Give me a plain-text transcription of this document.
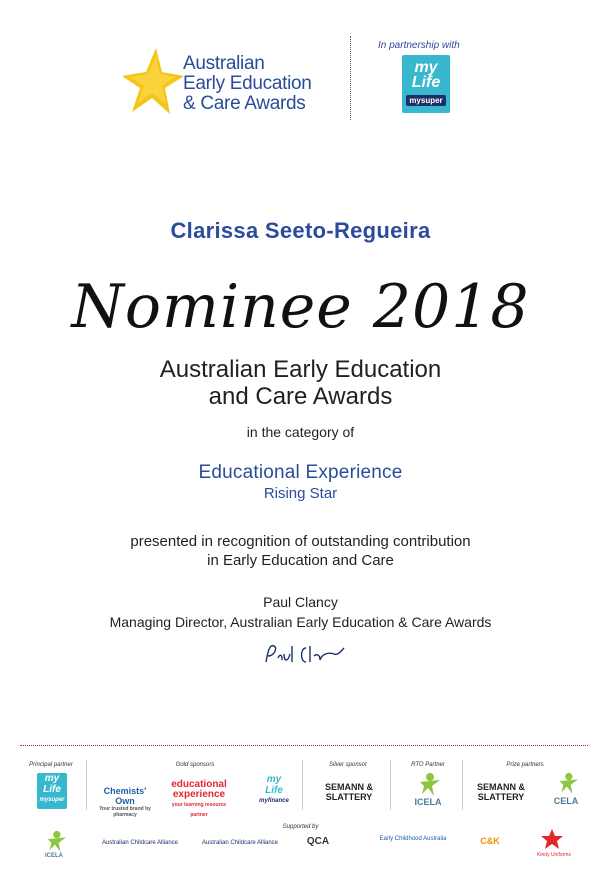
Australian
Early Education
& Care Awards
In partnership with
my
Life
mysuper
Clarissa Seeto-Regueira
Nominee 2018
Australian Early Education
and Care Awards
in the category of
Educational Experience
Rising Star
presented in recognition of outstanding contribution
in Early Education and Care
Paul Clancy
Managing Director, Australian Early Education & Care Awards
Principal partner
my
Life
mysuper
Gold sponsors
Chemists' Own
Your trusted brand by pharmacy
educational
experience
your learning resource partner
my
Life
myfinance
Silver sponsor
SEMANN &
SLATTERY
RTO Partner
ICELA
Prize partners
SEMANN &
SLATTERY	CELA
Supported by
ICELA
Australian Childcare Alliance	Australian Childcare Alliance	QCA	Early Childhood Australia	C&K
Kindy Uniforms
